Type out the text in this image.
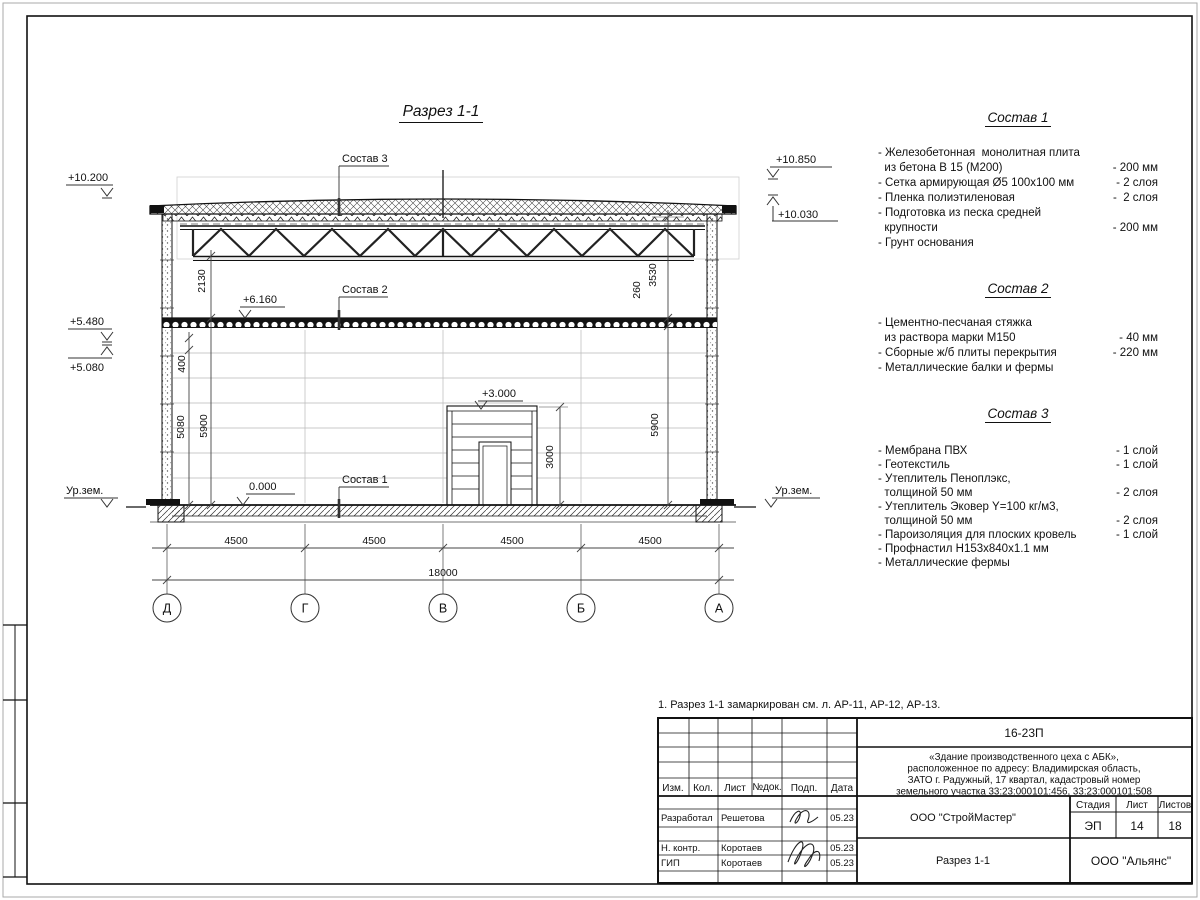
Состав 3
Состав 2
Состав 1
+10.200
+5.480
+5.080
Ур.зем.	0.000
+6.160
+3.000
+10.850
+10.030
Ур.зем.
2130
400
5080 5900
3530
260
5900
3000
4500	4500	4500	4500
18000
Д	Г	В	Б	А
1. Разрез 1-1 замаркирован см. л. АР-11, АР-12, АР-13.
16-23П
«Здание производственного цеха с АБК»,
расположенное по адресу: Владимирская область,
ЗАТО г. Радужный, 17 квартал, кадастровый номер
земельного участка 33:23:000101:456, 33:23:000101:508
Изм. Кол. Лист №док. Подп. Дата
Разработал Решетова	05.23
Н. контр. Коротаев	05.23
ГИП	Коротаев	05.23
ООО "СтройМастер"
Разрез 1-1	ООО "Альянс"
Стадия Лист Листов
ЭП 14 18
Разрез 1-1	Состав 1
- Железобетонная  монолитная плита
из бетона В 15 (М200)	- 200 мм
- Сетка армирующая Ø5 100х100 мм	- 2 слоя
- Пленка полиэтиленовая	-  2 слоя
- Подготовка из песка средней
крупности	- 200 мм
- Грунт основания
Состав 2
- Цементно-песчаная стяжка
из раствора марки М150	- 40 мм
- Сборные ж/б плиты перекрытия	- 220 мм
- Металлические балки и фермы
Состав 3
- Мембрана ПВХ	- 1 слой
- Геотекстиль	- 1 слой
- Утеплитель Пеноплэкс,
толщиной 50 мм	- 2 слоя
- Утеплитель Эковер Y=100 кг/м3,
толщиной 50 мм	- 2 слоя
- Пароизоляция для плоских кровель	- 1 слой
- Профнастил Н153х840х1.1 мм
- Металлические фермы
